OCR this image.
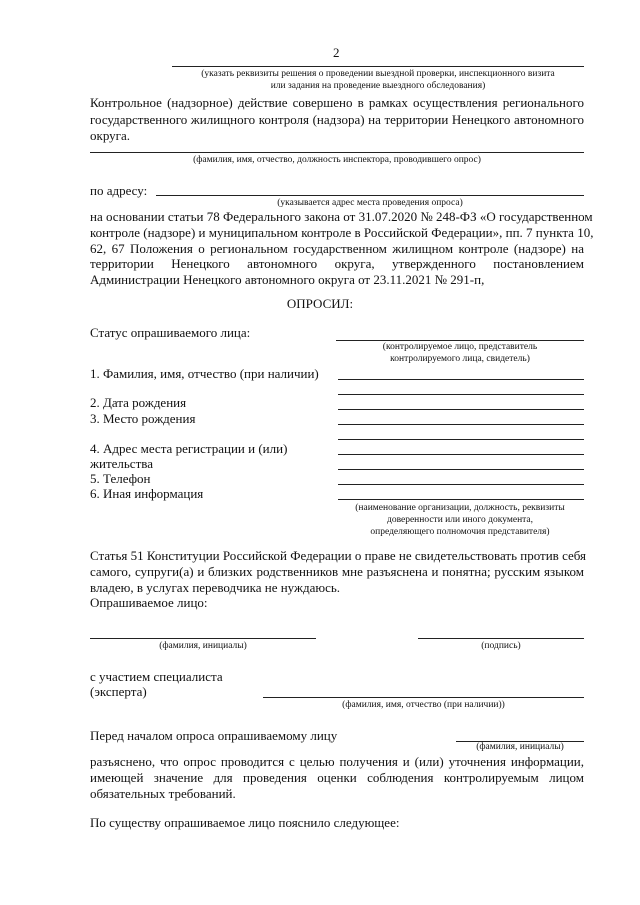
2
(указать реквизиты решения о проведении выездной проверки, инспекционного визита
или задания на проведение выездного обследования)
Контрольное (надзорное) действие совершено в рамках осуществления регионального
государственного жилищного контроля (надзора) на территории Ненецкого автономного
округа.
(фамилия, имя, отчество, должность инспектора, проводившего опрос)
по адресу:
(указывается адрес места проведения опроса)
на основании статьи 78 Федерального закона от 31.07.2020 № 248-ФЗ «О государственном
контроле (надзоре) и муниципальном контроле в Российской Федерации», пп. 7 пункта 10,
62, 67 Положения о региональном государственном жилищном контроле (надзоре) на
территории Ненецкого автономного округа, утвержденного постановлением
Администрации Ненецкого автономного округа от 23.11.2021 № 291-п,
ОПРОСИЛ:
Статус опрашиваемого лица:
(контролируемое лицо, представитель
контролируемого лица, свидетель)
1. Фамилия, имя, отчество (при наличии)
2. Дата рождения
3. Место рождения
4. Адрес места регистрации и (или)
жительства
5. Телефон
6. Иная информация
(наименование организации, должность, реквизиты
доверенности или иного документа,
определяющего полномочия представителя)
Статья 51 Конституции Российской Федерации о праве не свидетельствовать против себя
самого, супруги(а) и близких родственников мне разъяснена и понятна; русским языком
владею, в услугах переводчика не нуждаюсь.
Опрашиваемое лицо:
(фамилия, инициалы)	(подпись)
с участием специалиста
(эксперта)
(фамилия, имя, отчество (при наличии))
Перед началом опроса опрашиваемому лицу
(фамилия, инициалы)
разъяснено, что опрос проводится с целью получения и (или) уточнения информации,
имеющей значение для проведения оценки соблюдения контролируемым лицом
обязательных требований.
По существу опрашиваемое лицо пояснило следующее:
